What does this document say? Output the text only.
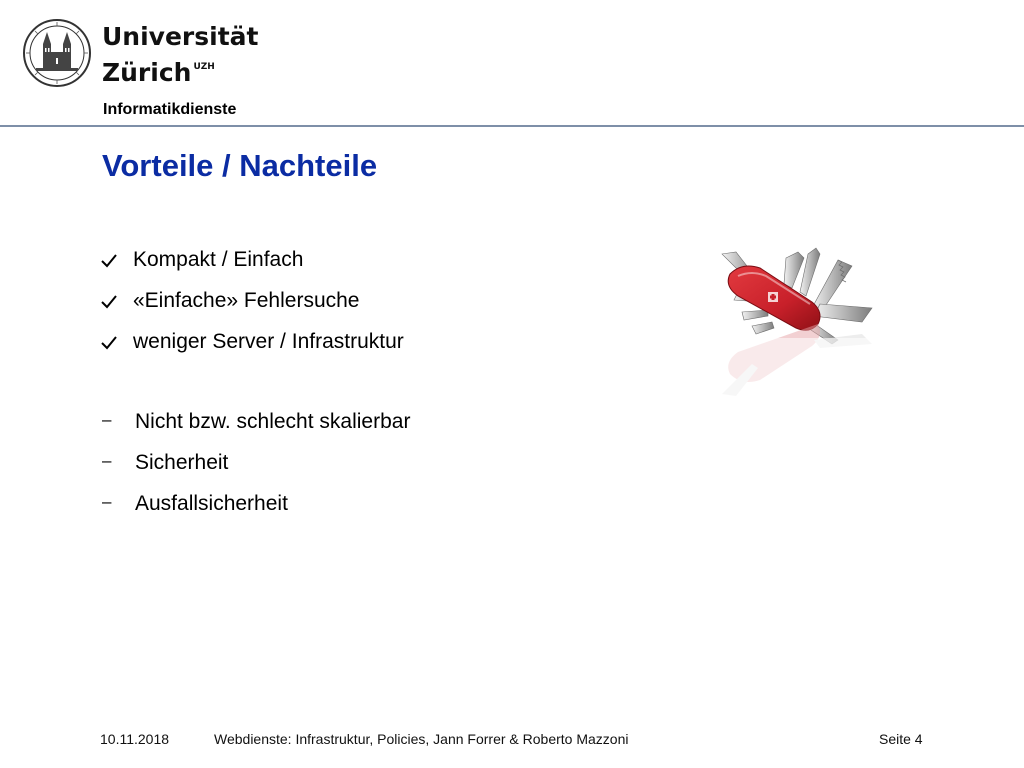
Universität
Zürich $^{UZH}$
Informatikdienste
Vorteile / Nachteile
Kompakt / Einfach
«Einfache» Fehlersuche
weniger Server / Infrastruktur
–	Nicht bzw. schlecht skalierbar
–	Sicherheit
–	Ausfallsicherheit
10.11.2018	Webdienste: Infrastruktur, Policies, Jann Forrer & Roberto Mazzoni	Seite 4
